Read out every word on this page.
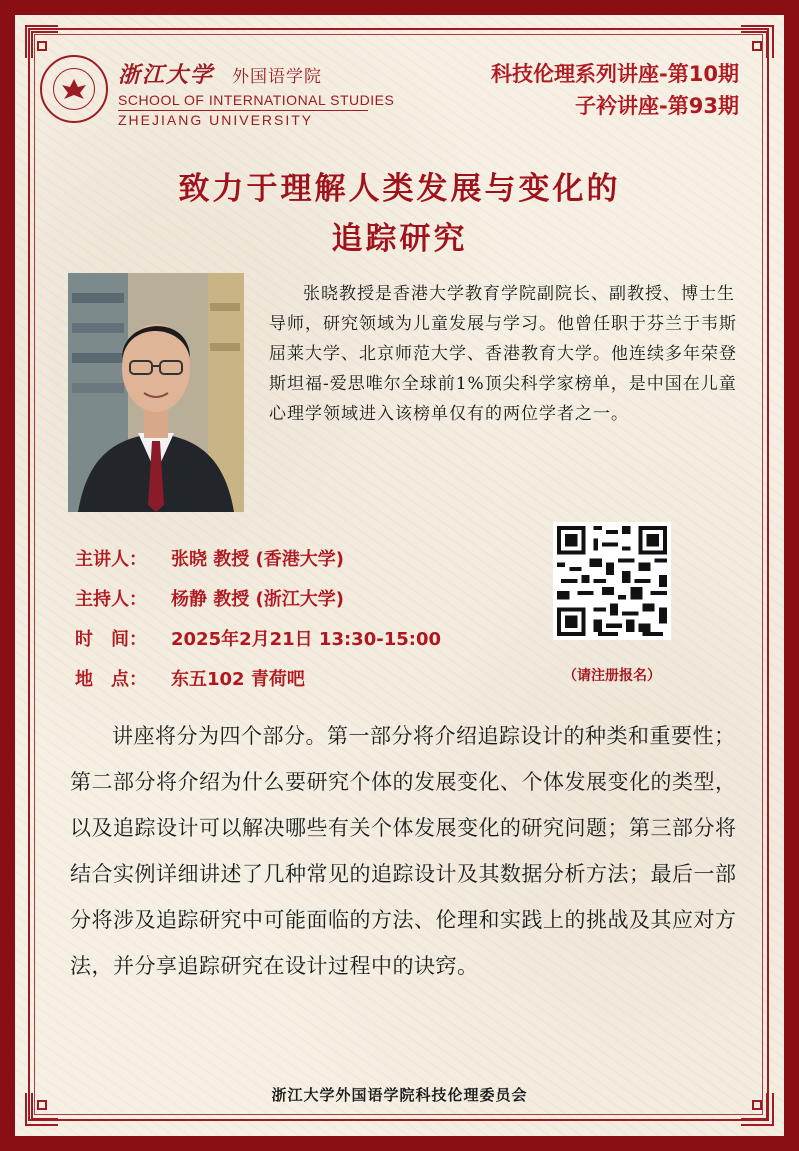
浙江大学 外国语学院
SCHOOL OF INTERNATIONAL STUDIES
ZHEJIANG UNIVERSITY
科技伦理系列讲座-第10期
子衿讲座-第93期
致力于理解人类发展与变化的
追踪研究
张晓教授是香港大学教育学院副院长、副教授、博士生导师，研究领域为儿童发展与学习。他曾任职于芬兰于韦斯屈莱大学、北京师范大学、香港教育大学。他连续多年荣登斯坦福-爱思唯尔全球前1%顶尖科学家榜单，是中国在儿童心理学领域进入该榜单仅有的两位学者之一。
主讲人： 张晓 教授 (香港大学)
主持人： 杨静 教授 (浙江大学)
时　间： 2025年2月21日 13:30-15:00
地　点： 东五102 青荷吧	（请注册报名）
讲座将分为四个部分。第一部分将介绍追踪设计的种类和重要性；第二部分将介绍为什么要研究个体的发展变化、个体发展变化的类型，以及追踪设计可以解决哪些有关个体发展变化的研究问题；第三部分将结合实例详细讲述了几种常见的追踪设计及其数据分析方法；最后一部分将涉及追踪研究中可能面临的方法、伦理和实践上的挑战及其应对方法，并分享追踪研究在设计过程中的诀窍。
浙江大学外国语学院科技伦理委员会
